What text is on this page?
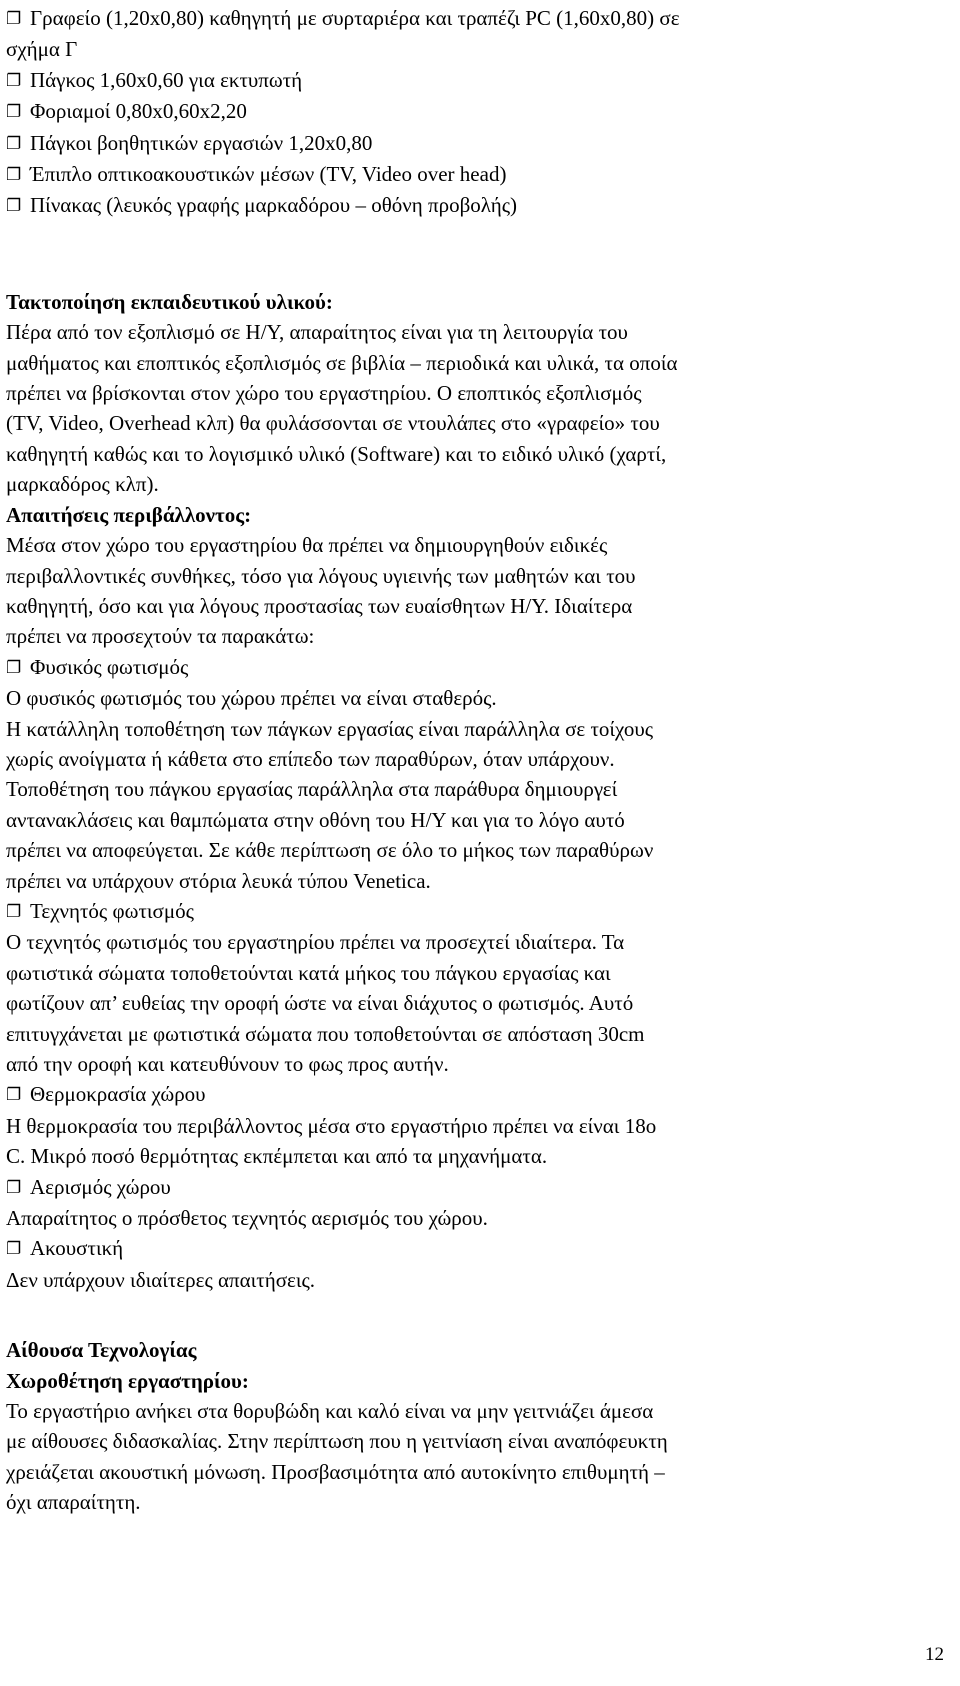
❐ Γραφείο (1,20x0,80) καθηγητή με συρταριέρα και τραπέζι PC (1,60x0,80) σε
σχήμα Γ
❐ Πάγκος 1,60x0,60 για εκτυπωτή
❐ Φοριαμοί 0,80x0,60x2,20
❐ Πάγκοι βοηθητικών εργασιών 1,20x0,80
❐ Έπιπλο οπτικοακουστικών μέσων (TV, Video over head)
❐ Πίνακας (λευκός γραφής μαρκαδόρου – οθόνη προβολής)
Τακτοποίηση εκπαιδευτικού υλικού:
Πέρα από τον εξοπλισμό σε Η/Υ, απαραίτητος είναι για τη λειτουργία του
μαθήματος και εποπτικός εξοπλισμός σε βιβλία – περιοδικά και υλικά, τα οποία
πρέπει να βρίσκονται στον χώρο του εργαστηρίου. Ο εποπτικός εξοπλισμός
(TV, Video, Overhead κλπ) θα φυλάσσονται σε ντουλάπες στο «γραφείο» του
καθηγητή καθώς και το λογισμικό υλικό (Software) και το ειδικό υλικό (χαρτί,
μαρκαδόρος κλπ).
Απαιτήσεις περιβάλλοντος:
Μέσα στον χώρο του εργαστηρίου θα πρέπει να δημιουργηθούν ειδικές
περιβαλλοντικές συνθήκες, τόσο για λόγους υγιεινής των μαθητών και του
καθηγητή, όσο και για λόγους προστασίας των ευαίσθητων Η/Υ. Ιδιαίτερα
πρέπει να προσεχτούν τα παρακάτω:
❐ Φυσικός φωτισμός
Ο φυσικός φωτισμός του χώρου πρέπει να είναι σταθερός.
Η κατάλληλη τοποθέτηση των πάγκων εργασίας είναι παράλληλα σε τοίχους
χωρίς ανοίγματα ή κάθετα στο επίπεδο των παραθύρων, όταν υπάρχουν.
Τοποθέτηση του πάγκου εργασίας παράλληλα στα παράθυρα δημιουργεί
αντανακλάσεις και θαμπώματα στην οθόνη του Η/Υ και για το λόγο αυτό
πρέπει να αποφεύγεται. Σε κάθε περίπτωση σε όλο το μήκος των παραθύρων
πρέπει να υπάρχουν στόρια λευκά τύπου Venetica.
❐ Τεχνητός φωτισμός
Ο τεχνητός φωτισμός του εργαστηρίου πρέπει να προσεχτεί ιδιαίτερα. Τα
φωτιστικά σώματα τοποθετούνται κατά μήκος του πάγκου εργασίας και
φωτίζουν απ’ ευθείας την οροφή ώστε να είναι διάχυτος ο φωτισμός. Αυτό
επιτυγχάνεται με φωτιστικά σώματα που τοποθετούνται σε απόσταση 30cm
από την οροφή και κατευθύνουν το φως προς αυτήν.
❐ Θερμοκρασία χώρου
Η θερμοκρασία του περιβάλλοντος μέσα στο εργαστήριο πρέπει να είναι 18ο
C. Μικρό ποσό θερμότητας εκπέμπεται και από τα μηχανήματα.
❐ Αερισμός χώρου
Απαραίτητος ο πρόσθετος τεχνητός αερισμός του χώρου.
❐ Ακουστική
Δεν υπάρχουν ιδιαίτερες απαιτήσεις.
Αίθουσα Τεχνολογίας
Χωροθέτηση εργαστηρίου:
Το εργαστήριο ανήκει στα θορυβώδη και καλό είναι να μην γειτνιάζει άμεσα
με αίθουσες διδασκαλίας. Στην περίπτωση που η γειτνίαση είναι αναπόφευκτη
χρειάζεται ακουστική μόνωση. Προσβασιμότητα από αυτοκίνητο επιθυμητή –
όχι απαραίτητη.
12
